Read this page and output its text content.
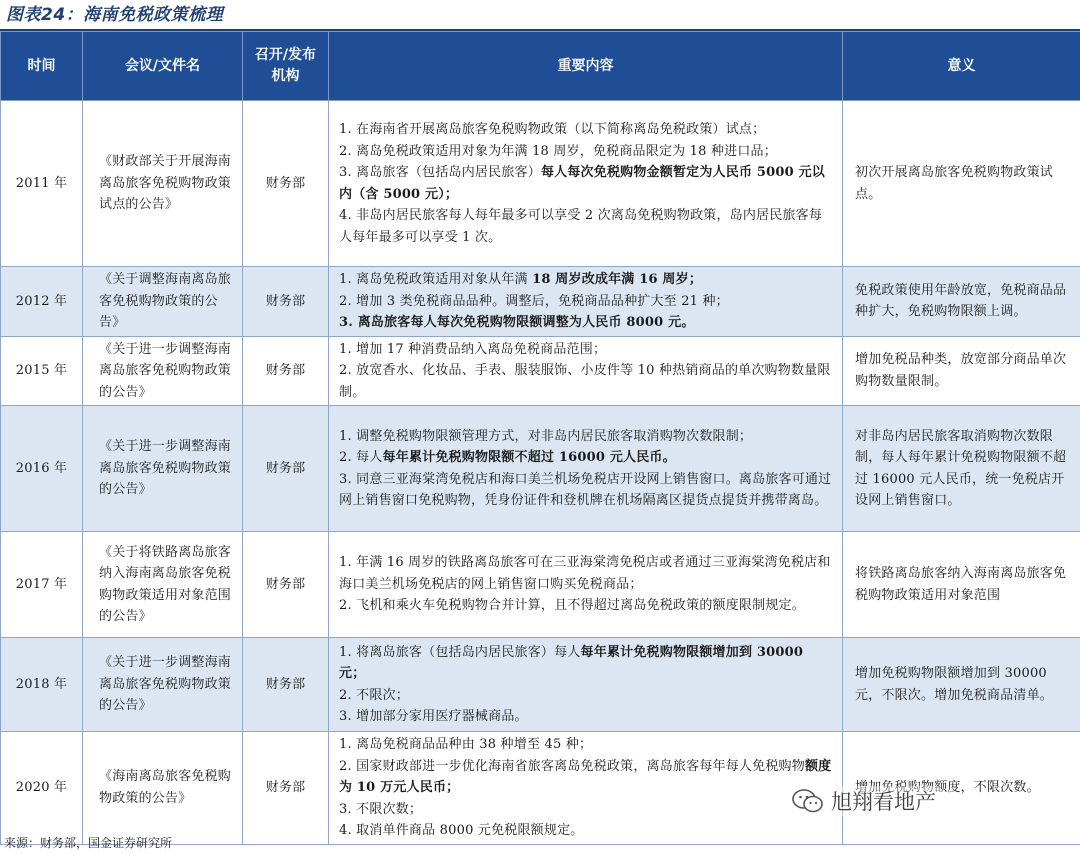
图表24：海南免税政策梳理
时间	会议/文件名	召开/发布机构	重要内容	意义
2011 年	《财政部关于开展海南离岛旅客免税购物政策试点的公告》	财务部	1. 在海南省开展离岛旅客免税购物政策（以下简称离岛免税政策）试点；
2. 离岛免税政策适用对象为年满 18 周岁，免税商品限定为 18 种进口品；
3. 离岛旅客（包括岛内居民旅客）每人每次免税购物金额暂定为人民币 5000 元以内（含 5000 元）；
4. 非岛内居民旅客每人每年最多可以享受 2 次离岛免税购物政策，岛内居民旅客每人每年最多可以享受 1 次。	初次开展离岛旅客免税购物政策试点。
2012 年	《关于调整海南离岛旅客免税购物政策的公告》	财务部	1. 离岛免税政策适用对象从年满 18 周岁改成年满 16 周岁；
2. 增加 3 类免税商品品种。调整后，免税商品品种扩大至 21 种；
3. 离岛旅客每人每次免税购物限额调整为人民币 8000 元。	免税政策使用年龄放宽，免税商品品种扩大，免税购物限额上调。
2015 年	《关于进一步调整海南离岛旅客免税购物政策的公告》	财务部	1. 增加 17 种消费品纳入离岛免税商品范围；
2. 放宽香水、化妆品、手表、服装服饰、小皮件等 10 种热销商品的单次购物数量限制。	增加免税品种类，放宽部分商品单次购物数量限制。
2016 年	《关于进一步调整海南离岛旅客免税购物政策的公告》	财务部	1. 调整免税购物限额管理方式，对非岛内居民旅客取消购物次数限制；
2. 每人每年累计免税购物限额不超过 16000 元人民币。
3. 同意三亚海棠湾免税店和海口美兰机场免税店开设网上销售窗口。离岛旅客可通过网上销售窗口免税购物，凭身份证件和登机牌在机场隔离区提货点提货并携带离岛。	对非岛内居民旅客取消购物次数限制，每人每年累计免税购物限额不超过 16000 元人民币，统一免税店开设网上销售窗口。
2017 年	《关于将铁路离岛旅客纳入海南离岛旅客免税购物政策适用对象范围的公告》	财务部	1. 年满 16 周岁的铁路离岛旅客可在三亚海棠湾免税店或者通过三亚海棠湾免税店和海口美兰机场免税店的网上销售窗口购买免税商品；
2. 飞机和乘火车免税购物合并计算，且不得超过离岛免税政策的额度限制规定。	将铁路离岛旅客纳入海南离岛旅客免税购物政策适用对象范围
2018 年	《关于进一步调整海南离岛旅客免税购物政策的公告》	财务部	1. 将离岛旅客（包括岛内居民旅客）每人每年累计免税购物限额增加到 30000 元；
2. 不限次；
3. 增加部分家用医疗器械商品。	增加免税购物限额增加到 30000 元，不限次。增加免税商品清单。
2020 年	《海南离岛旅客免税购物政策的公告》	财务部	1. 离岛免税商品品种由 38 种增至 45 种；
2. 国家财政部进一步优化海南省旅客离岛免税政策，离岛旅客每年每人免税购物额度为 10 万元人民币；
3. 不限次数；
4. 取消单件商品 8000 元免税限额规定。	增加免税购物额度，不限次数。
来源：财务部，国金证券研究所
旭翔看地产
